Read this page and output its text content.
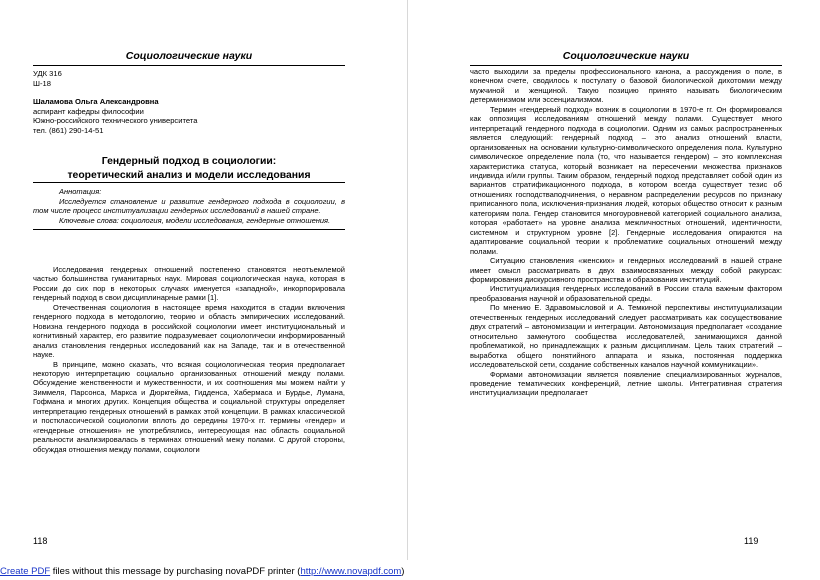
Социологические науки
УДК 316
Ш-18
Шаламова Ольга Александровна
аспирант кафедры философии
Южно-российского технического университета
тел. (861) 290-14-51
Гендерный подход в социологии:
теоретический анализ и модели исследования
Аннотация:

Исследуется становление и развитие гендерного подхода в социологии, в том числе процесс институализации гендерных исследований в нашей стране.

Ключевые слова: социология, модели исследования, гендерные отношения.

Исследования гендерных отношений постепенно становятся неотъемлемой частью большинства гуманитарных наук. Мировая социологическая наука, которая в России до сих пор в некоторых случаях именуется «западной», инкорпорировала гендерный подход в свои дисциплинарные рамки [1].

Отечественная социология в настоящее время находится в стадии включения гендерного подхода в методологию, теорию и область эмпирических исследований. Новизна гендерного подхода в российской социологии имеет институциональный и когнитивный характер, его развитие подразумевает социологически информированный анализ становления гендерных исследований как на Западе, так и в отечественной науке.

В принципе, можно сказать, что всякая социологическая теория предполагает некоторую интерпретацию социально организованных отношений между полами. Обсуждение женственности и мужественности, и их соотношения мы можем найти у Зиммеля, Парсонса, Маркса и Дюркгейма, Гидденса, Хабермаса и Бурдье, Лумана, Гофмана и многих других. Концепция общества и социальной структуры определяет интерпретацию гендерных отношений в рамках этой концепции. В рамках классической и постклассической социологии вплоть до середины 1970-х гг. термины «гендер» и «гендерные отношения» не употреблялись, интересующая нас область социальной реальности анализировалась в терминах отношений межу полами. С другой стороны, обсуждая отношения между полами, социологи

118
Социологические науки

часто выходили за пределы профессионального канона, а рассуждения о поле, в конечном счете, сводилось к постулату о базовой биологической дихотомии между мужчиной и женщиной. Такую позицию принято называть биологическим детерминизмом или эссенциализмом.

Термин «гендерный подход» возник в социологии в 1970-е гг. Он формировался как оппозиция исследованиям отношений между полами. Существует много интерпретаций гендерного подхода в социологии. Одним из самых распространенных является следующий: гендерный подход – это анализ отношений власти, организованных на основании культурно-символического определения пола. Культурно символическое определение пола (то, что называется гендером) – это комплексная характеристика статуса, который возникает на пересечении множества признаков индивида и/или группы. Таким образом, гендерный подход представляет собой один из вариантов стратификационного подхода, в котором всегда существует тезис об отношениях господстваподчинения, о неравном распределении ресурсов по признаку приписанного пола, исключения-признания людей, которых общество относит к разным категориям пола. Гендер становится многоуровневой категорией социального анализа, которая «работает» на уровне анализа межличностных отношений, идентичности, системном и структурном уровне [2]. Гендерные исследования опираются на адаптирование социальной теории к проблематике социальных отношений между полами.

Ситуацию становления «женских» и гендерных исследований в нашей стране имеет смысл рассматривать в двух взаимосвязанных между собой ракурсах: формирования дискурсивного пространства и образования институций.

Институциализация гендерных исследований в России стала важным фактором преобразования научной и образовательной среды.

По мнению Е. Здравомысловой и А. Темкиной перспективы институциализации отечественных гендерных исследований следует рассматривать как сосуществование двух стратегий – автономизации и интеграции. Автономизация предполагает «создание относительно замкнутого сообщества исследователей, занимающихся данной проблематикой, но принадлежащих к разным дисциплинам. Цель таких стратегий – выработка общего понятийного аппарата и языка, постоянная поддержка исследовательской сети, создание собственных каналов научной коммуникации».

Формами автономизации является появление специализированных журналов, проведение тематических конференций, летние школы. Интегративная стратегия институциализации предполагает

119
Create PDF files without this message by purchasing novaPDF printer (http://www.novapdf.com)
